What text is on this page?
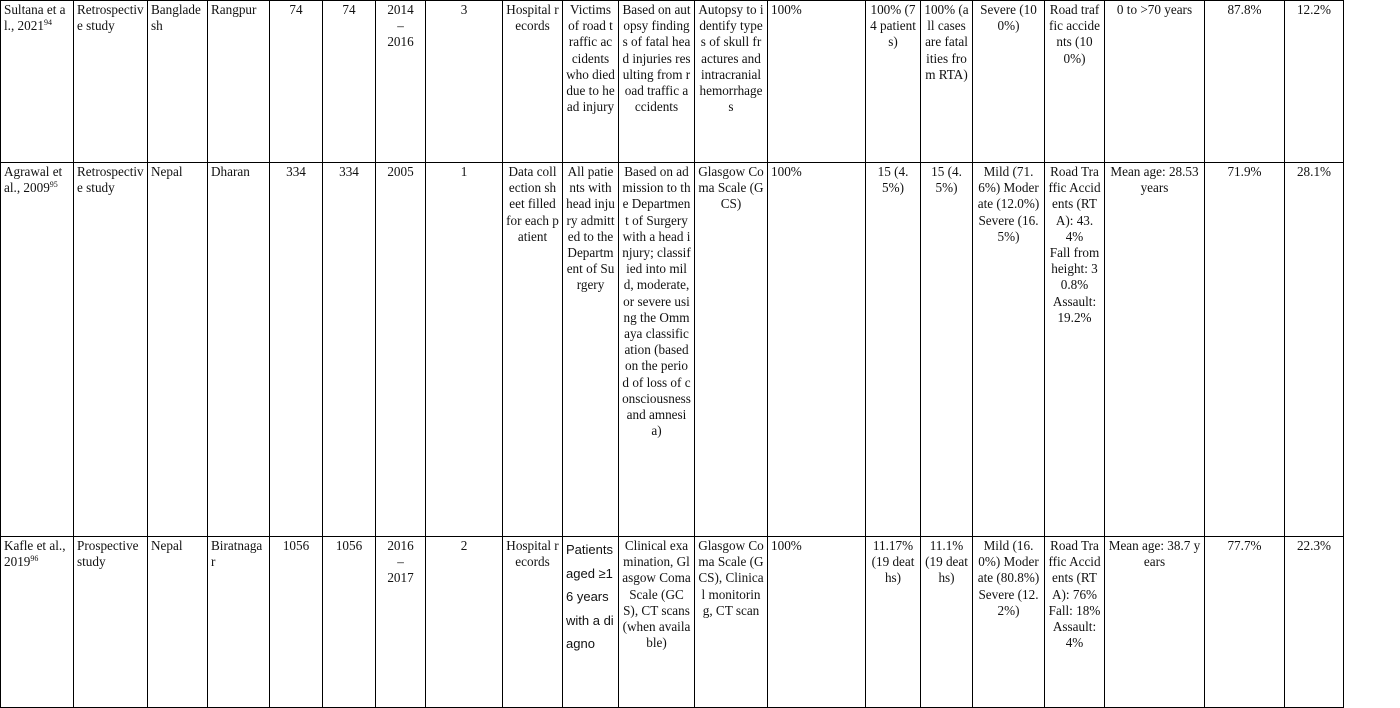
Sultana et al., 2021$^{94}$	Retrospective study	Bangladesh	Rangpur	74	74	2014
–
2016	3	Hospital records	Victims of road traffic accidents who died due to head injury	Based on autopsy findings of fatal head injuries resulting from road traffic accidents	Autopsy to identify types of skull fractures and intracranial hemorrhages	100%	100% (74 patients)	100% (all cases are fatalities from RTA)	Severe (100%)	Road traffic accidents (100%)	0 to >70 years	87.8%	12.2%
Agrawal et al., 2009$^{95}$	Retrospective study	Nepal	Dharan	334	334	2005	1	Data collection sheet filled for each patient	All patients with head injury admitted to the Department of Surgery	Based on admission to the Department of Surgery with a head injury; classified into mild, moderate, or severe using the Ommaya classification (based on the period of loss of consciousness and amnesia)	Glasgow Coma Scale (GCS)	100%	15 (4.5%)	15 (4.5%)	Mild (71.6%) Moderate (12.0%) Severe (16.5%)	Road Traffic Accidents (RTA): 43.4%
Fall from height: 30.8%
Assault: 19.2%	Mean age: 28.53 years	71.9%	28.1%
Kafle et al., 2019$^{96}$	Prospective study	Nepal	Biratnagar	1056	1056	2016
–
2017	2	Hospital records	Patients aged ≥16 years with a diagno	Clinical examination, Glasgow Coma Scale (GCS), CT scans (when available)	Glasgow Coma Scale (GCS), Clinical monitoring, CT scan	100%	11.17% (19 deaths)	11.1% (19 deaths)	Mild (16.0%) Moderate (80.8%) Severe (12.2%)	Road Traffic Accidents (RTA): 76%
Fall: 18%
Assault: 4%	Mean age: 38.7 years	77.7%	22.3%
